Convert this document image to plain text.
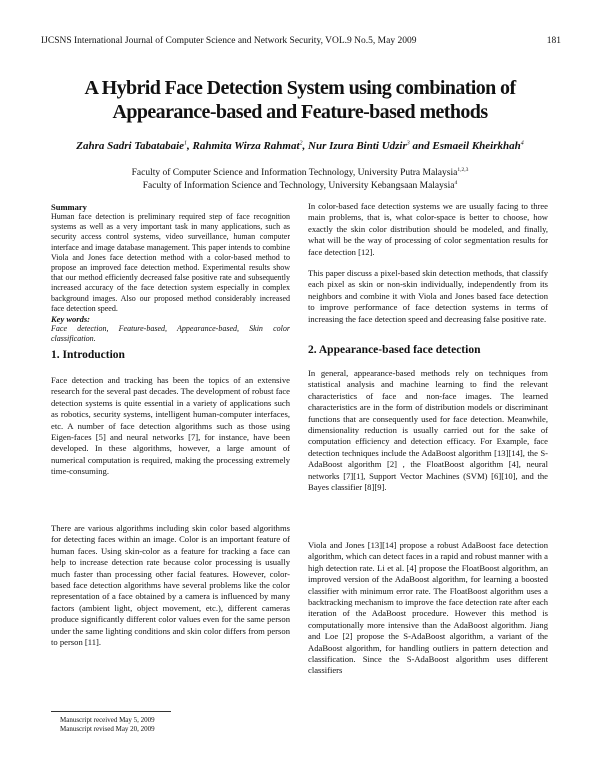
IJCSNS International Journal of Computer Science and Network Security, VOL.9 No.5, May 2009	181
A Hybrid Face Detection System using combination of
Appearance-based and Feature-based methods
Zahra Sadri Tabatabaie$^1$, Rahmita Wirza Rahmat$^2$, Nur Izura Binti Udzir$^3$ and Esmaeil Kheirkhah$^4$
Faculty of Computer Science and Information Technology, University Putra Malaysia$^{1,2,3}$
Faculty of Information Science and Technology, University Kebangsaan Malaysia$^4$
Summary

Human face detection is preliminary required step of face recognition systems as well as a very important task in many applications, such as security access control systems, video surveillance, human computer interface and image database management. This paper intends to combine Viola and Jones face detection method with a color-based method to propose an improved face detection method. Experimental results show that our method efficiently decreased false positive rate and subsequently increased accuracy of the face detection system especially in complex background images. Also our proposed method considerably increased face detection speed.

Key words:

Face detection, Feature-based, Appearance-based, Skin color classification.

1. Introduction

Face detection and tracking has been the topics of an extensive research for the several past decades. The development of robust face detection systems is quite essential in a variety of applications such as robotics, security systems, intelligent human-computer interfaces, etc. A number of face detection algorithms such as those using Eigen-faces [5] and neural networks [7], for instance, have been developed. In these algorithms, however, a large amount of numerical computation is required, making the processing extremely time-consuming.

There are various algorithms including skin color based algorithms for detecting faces within an image. Color is an important feature of human faces. Using skin-color as a feature for tracking a face can help to increase detection rate because color processing is usually much faster than processing other facial features. However, color-based face detection algorithms have several problems like the color representation of a face obtained by a camera is influenced by many factors (ambient light, object movement, etc.), different cameras produce significantly different color values even for the same person under the same lighting conditions and skin color differs from person to person [11].

In color-based face detection systems we are usually facing to three main problems, that is, what color-space is better to choose, how exactly the skin color distribution should be modeled, and finally, what will be the way of processing of color segmentation results for face detection [12].

This paper discuss a pixel-based skin detection methods, that classify each pixel as skin or non-skin individually, independently from its neighbors and combine it with Viola and Jones based face detection to improve performance of face detection systems in terms of increasing the face detection speed and decreasing false positive rate.

2. Appearance-based face detection

In general, appearance-based methods rely on techniques from statistical analysis and machine learning to find the relevant characteristics of face and non-face images. The learned characteristics are in the form of distribution models or discriminant functions that are consequently used for face detection. Meanwhile, dimensionality reduction is usually carried out for the sake of computation efficiency and detection efficacy. For Example, face detection techniques include the AdaBoost algorithm [13][14], the S-AdaBoost algorithm [2] , the FloatBoost algorithm [4], neural networks [7][1], Support Vector Machines (SVM) [6][10], and the Bayes classifier [8][9].

Viola and Jones [13][14] propose a robust AdaBoost face detection algorithm, which can detect faces in a rapid and robust manner with a high detection rate. Li et al. [4] propose the FloatBoost algorithm, an improved version of the AdaBoost algorithm, for learning a boosted classifier with minimum error rate. The FloatBoost algorithm uses a backtracking mechanism to improve the face detection rate after each iteration of the AdaBoost procedure. However this method is computationally more intensive than the AdaBoost algorithm. Jiang and Loe [2] propose the S-AdaBoost algorithm, a variant of the AdaBoost algorithm, for handling outliers in pattern detection and classification. Since the S-AdaBoost algorithm uses different classifiers

Manuscript received May 5, 2009
Manuscript revised May 20, 2009
